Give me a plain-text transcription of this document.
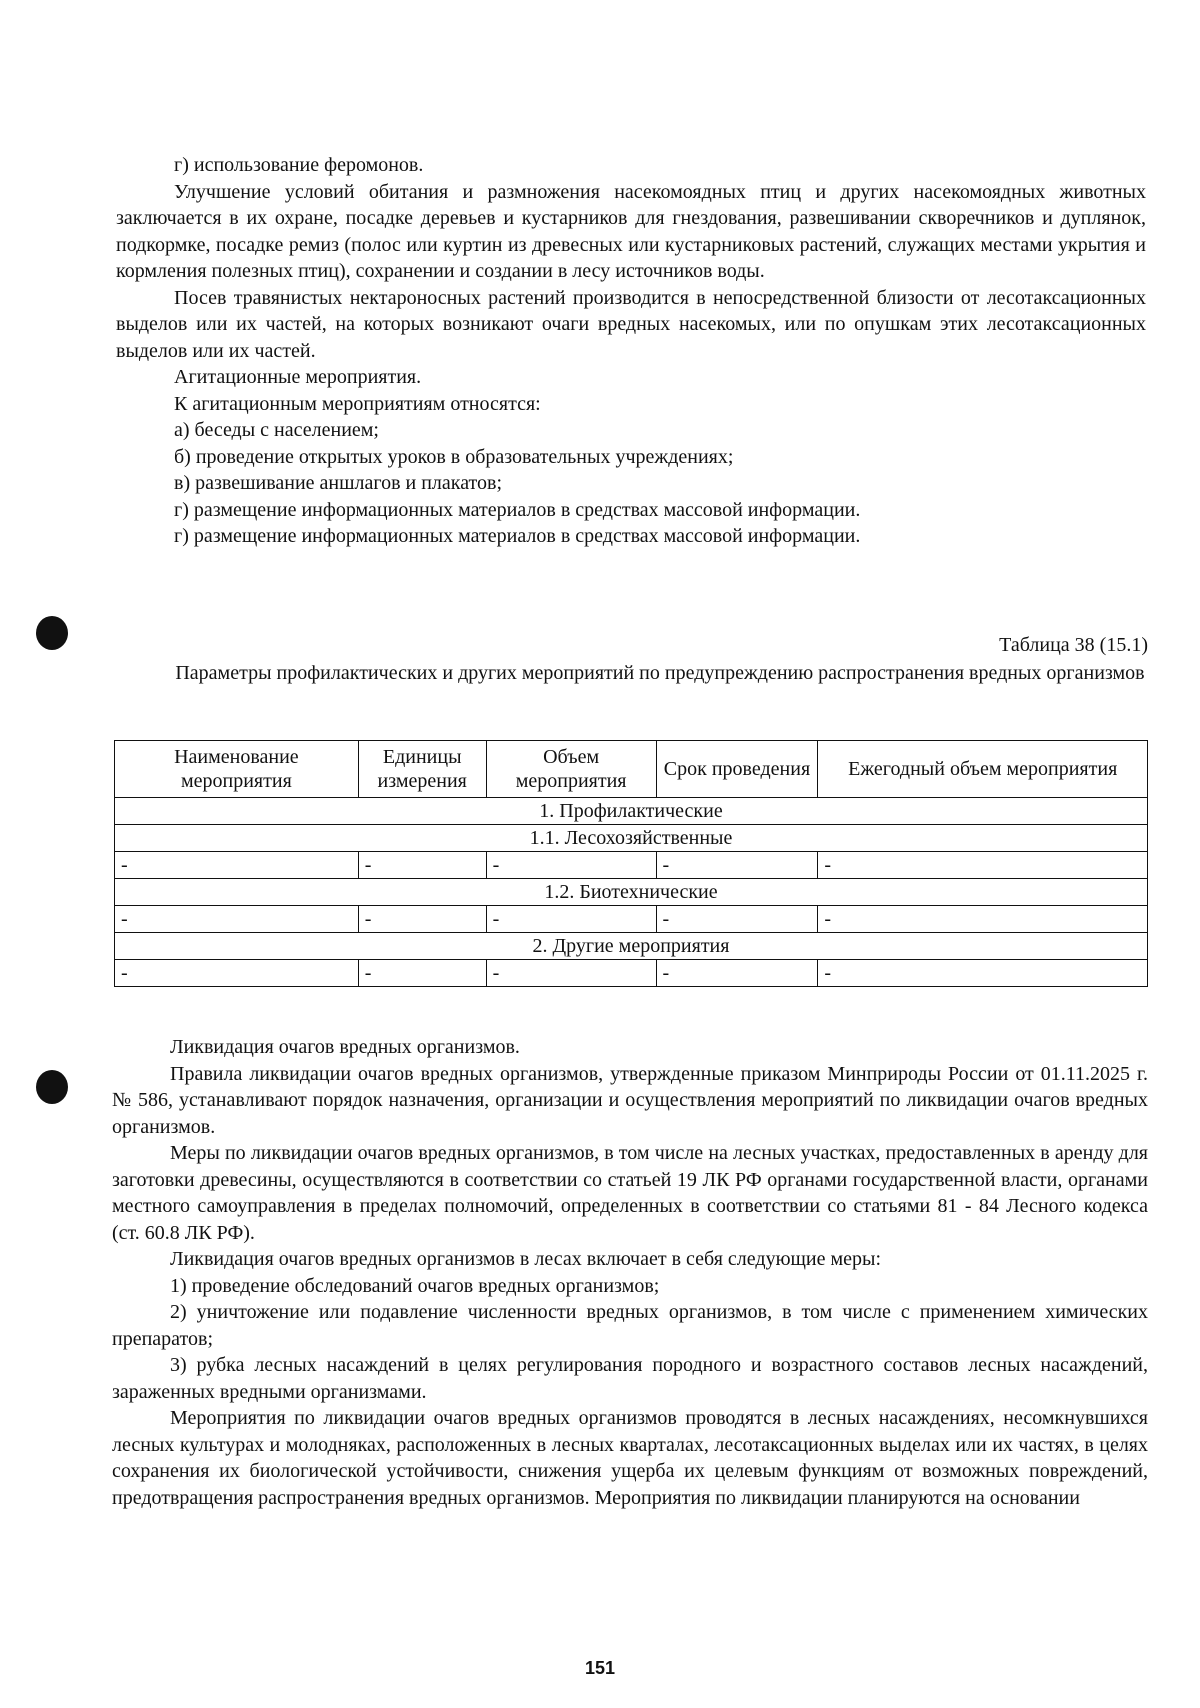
г) использование феромонов.

Улучшение условий обитания и размножения насекомоядных птиц и других насекомоядных животных заключается в их охране, посадке деревьев и кустарников для гнездования, развешивании скворечников и дуплянок, подкормке, посадке ремиз (полос или куртин из древесных или кустарниковых растений, служащих местами укрытия и кормления полезных птиц), сохранении и создании в лесу источников воды.

Посев травянистых нектароносных растений производится в непосредственной близости от лесотаксационных выделов или их частей, на которых возникают очаги вредных насекомых, или по опушкам этих лесотаксационных выделов или их частей.

Агитационные мероприятия.

К агитационным мероприятиям относятся:

а) беседы с населением;

б) проведение открытых уроков в образовательных учреждениях;

в) развешивание аншлагов и плакатов;

г) размещение информационных материалов в средствах массовой информации.

г) размещение информационных материалов в средствах массовой информации.

Таблица 38 (15.1)
Параметры профилактических и других мероприятий по предупреждению распространения вредных организмов
Наименование мероприятия	Единицы измерения	Объем мероприятия	Срок проведения	Ежегодный объем мероприятия
1. Профилактические				
1.1. Лесохозяйственные				
-	-	-	-	-
1.2. Биотехнические				
-	-	-	-	-
2. Другие мероприятия				
-	-	-	-	-

Ликвидация очагов вредных организмов.

Правила ликвидации очагов вредных организмов, утвержденные приказом Минприроды России от 01.11.2025 г. № 586, устанавливают порядок назначения, организации и осуществления мероприятий по ликвидации очагов вредных организмов.

Меры по ликвидации очагов вредных организмов, в том числе на лесных участках, предоставленных в аренду для заготовки древесины, осуществляются в соответствии со статьей 19 ЛК РФ органами государственной власти, органами местного самоуправления в пределах полномочий, определенных в соответствии со статьями 81 - 84 Лесного кодекса (ст. 60.8 ЛК РФ).

Ликвидация очагов вредных организмов в лесах включает в себя следующие меры:

1) проведение обследований очагов вредных организмов;

2) уничтожение или подавление численности вредных организмов, в том числе с применением химических препаратов;

3) рубка лесных насаждений в целях регулирования породного и возрастного составов лесных насаждений, зараженных вредными организмами.

Мероприятия по ликвидации очагов вредных организмов проводятся в лесных насаждениях, несомкнувшихся лесных культурах и молодняках, расположенных в лесных кварталах, лесотаксационных выделах или их частях, в целях сохранения их биологической устойчивости, снижения ущерба их целевым функциям от возможных повреждений, предотвращения распространения вредных организмов. Мероприятия по ликвидации планируются на основании

151
